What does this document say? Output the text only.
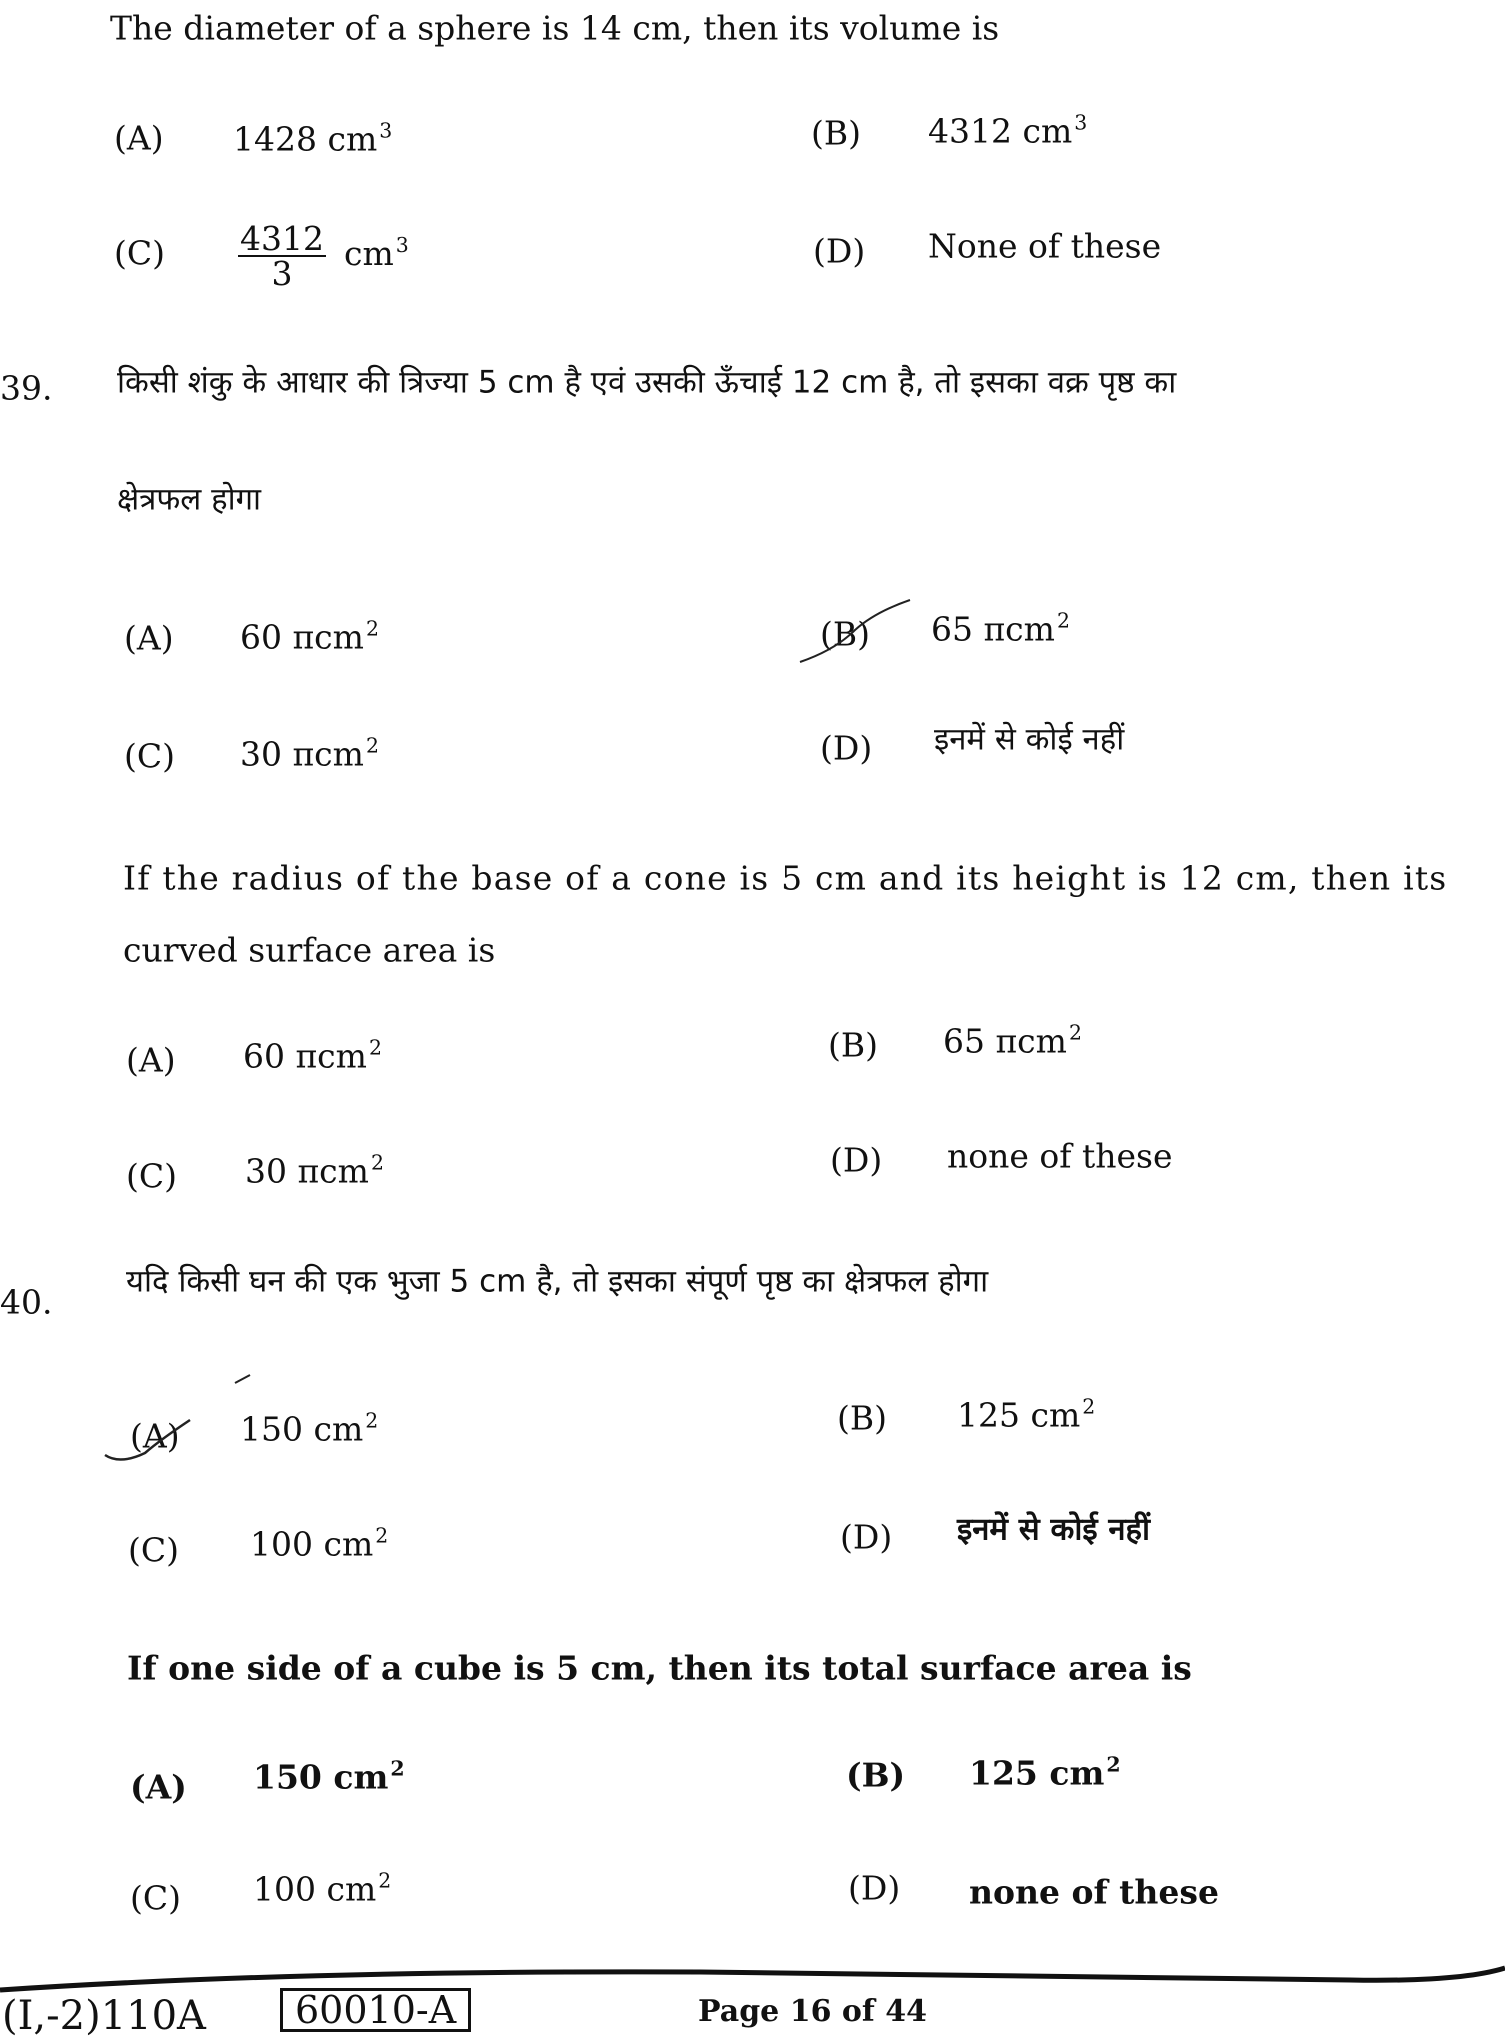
The diameter of a sphere is 14 cm, then its volume is
(A) 1428 $cm^3$	(B) 4312 $cm^3$
$(C) \frac{4312}{3} cm^3$	(D) None of these
39. किसी शंकु के आधार की त्रिज्या 5 cm है एवं उसकी ऊँचाई 12 cm है, तो इसका वक्र पृष्ठ का
क्षेत्रफल होगा
(A) 60 πcm$^2$	(B) 65 πcm$^2$
(C) 30 πcm$^2$	(D) इनमें से कोई नहीं
If the radius of the base of a cone is 5 cm and its height is 12 cm, then its
curved surface area is
(A) 60 πcm$^2$	(B) 65 πcm$^2$
(C) 30 πcm$^2$	(D) none of these
40.
यदि किसी घन की एक भुजा 5 cm है, तो इसका संपूर्ण पृष्ठ का क्षेत्रफल होगा
(A) 150 $cm^2$	(B) 125 $cm^2$
(C) 100 $cm^2$	(D) इनमें से कोई नहीं
If one side of a cube is 5 cm, then its total surface area is
(A) 150 $cm^2$	(B) 125 $cm^2$
(C) 100 $cm^2$	(D) none of these
(I,-2)110A	60010-A	Page 16 of 44
